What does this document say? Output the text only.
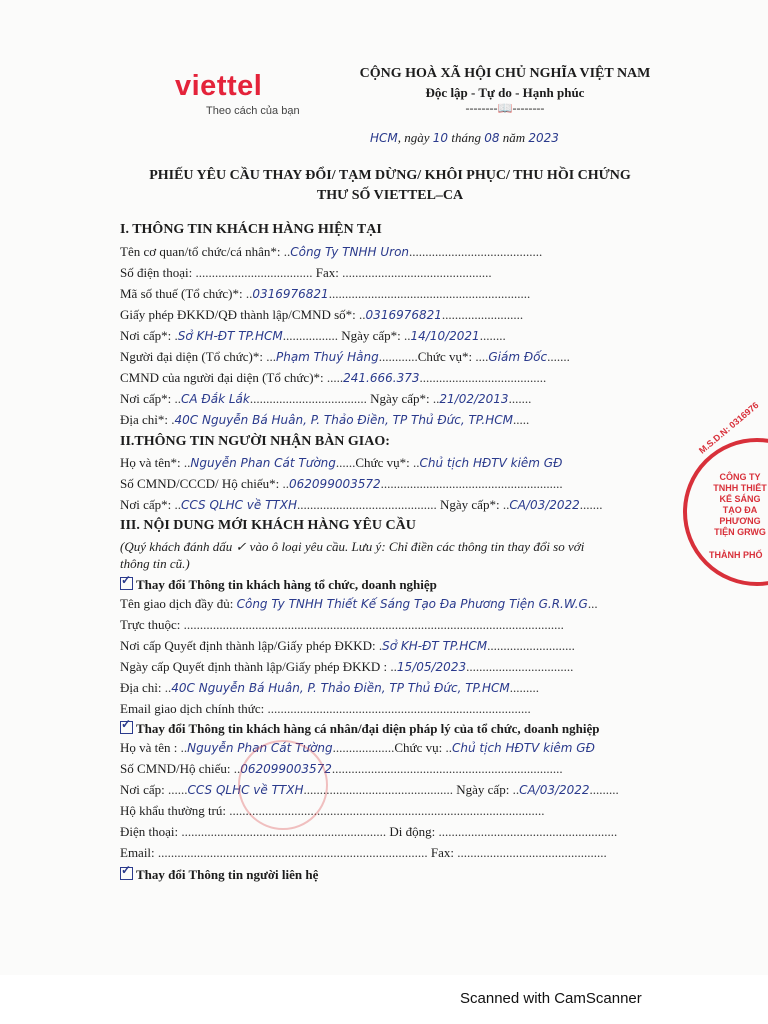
viettel
Theo cách của bạn
CỘNG HOÀ XÃ HỘI CHỦ NGHĨA VIỆT NAM
Độc lập - Tự do - Hạnh phúc
--------📖--------
HCM, ngày 10 tháng 08 năm 2023
PHIẾU YÊU CẦU THAY ĐỔI/ TẠM DỪNG/ KHÔI PHỤC/ THU HỒI CHỨNG
THƯ SỐ VIETTEL–CA
I. THÔNG TIN KHÁCH HÀNG HIỆN TẠI
Tên cơ quan/tổ chức/cá nhân*: ..Công Ty TNHH Uron.........................................
Số điện thoại: .................................... Fax: ..............................................
Mã số thuế (Tổ chức)*: ..0316976821..............................................................
Giấy phép ĐKKD/QĐ thành lập/CMND số*: ..0316976821.........................
Nơi cấp*: .Sở KH-ĐT TP.HCM................. Ngày cấp*: ..14/10/2021........
Người đại diện (Tổ chức)*: ...Phạm Thuý Hằng............Chức vụ*: ....Giám Đốc.......
CMND của người đại diện (Tổ chức)*: .....241.666.373.......................................
Nơi cấp*: ..CA Đắk Lắk.................................... Ngày cấp*: ..21/02/2013.......
Địa chỉ*: .40C Nguyễn Bá Huân, P. Thảo Điền, TP Thủ Đức, TP.HCM.....
II.THÔNG TIN NGƯỜI NHẬN BÀN GIAO:
Họ và tên*: ..Nguyễn Phan Cát Tường......Chức vụ*: ..Chủ tịch HĐTV kiêm GĐ
Số CMND/CCCD/ Hộ chiếu*: ..062099003572........................................................
Nơi cấp*: ..CCS QLHC về TTXH........................................... Ngày cấp*: ..CA/03/2022.......
III. NỘI DUNG MỚI KHÁCH HÀNG YÊU CẦU
(Quý khách đánh dấu ✓ vào ô loại yêu cầu. Lưu ý: Chỉ điền các thông tin thay đổi so với
thông tin cũ.)
✓Thay đổi Thông tin khách hàng tổ chức, doanh nghiệp
Tên giao dịch đầy đủ: Công Ty TNHH Thiết Kế Sáng Tạo Đa Phương Tiện G.R.W.G...
Trực thuộc: .....................................................................................................................
Nơi cấp Quyết định thành lập/Giấy phép ĐKKD: .Sở KH-ĐT TP.HCM...........................
Ngày cấp Quyết định thành lập/Giấy phép ĐKKD : ..15/05/2023.................................
Địa chỉ: ..40C Nguyễn Bá Huân, P. Thảo Điền, TP Thủ Đức, TP.HCM.........
Email giao dịch chính thức: .................................................................................
✓Thay đổi Thông tin khách hàng cá nhân/đại diện pháp lý của tổ chức, doanh nghiệp
Họ và tên : ..Nguyễn Phan Cát Tường...................Chức vụ: ..Chủ tịch HĐTV kiêm GĐ
Số CMND/Hộ chiếu: ..062099003572.......................................................................
Nơi cấp: ......CCS QLHC về TTXH.............................................. Ngày cấp: ..CA/03/2022.........
Hộ khẩu thường trú: .................................................................................................
Điện thoại: ............................................................... Di động: .......................................................
Email: ................................................................................... Fax: ..............................................
✓Thay đổi Thông tin người liên hệ
M.S.D.N: 0316976
CÔNG TY TNHH THIẾT KẾ SÁNG TẠO ĐA PHƯƠNG TIỆN GRWG
THÀNH PHỐ
Scanned with CamScanner
